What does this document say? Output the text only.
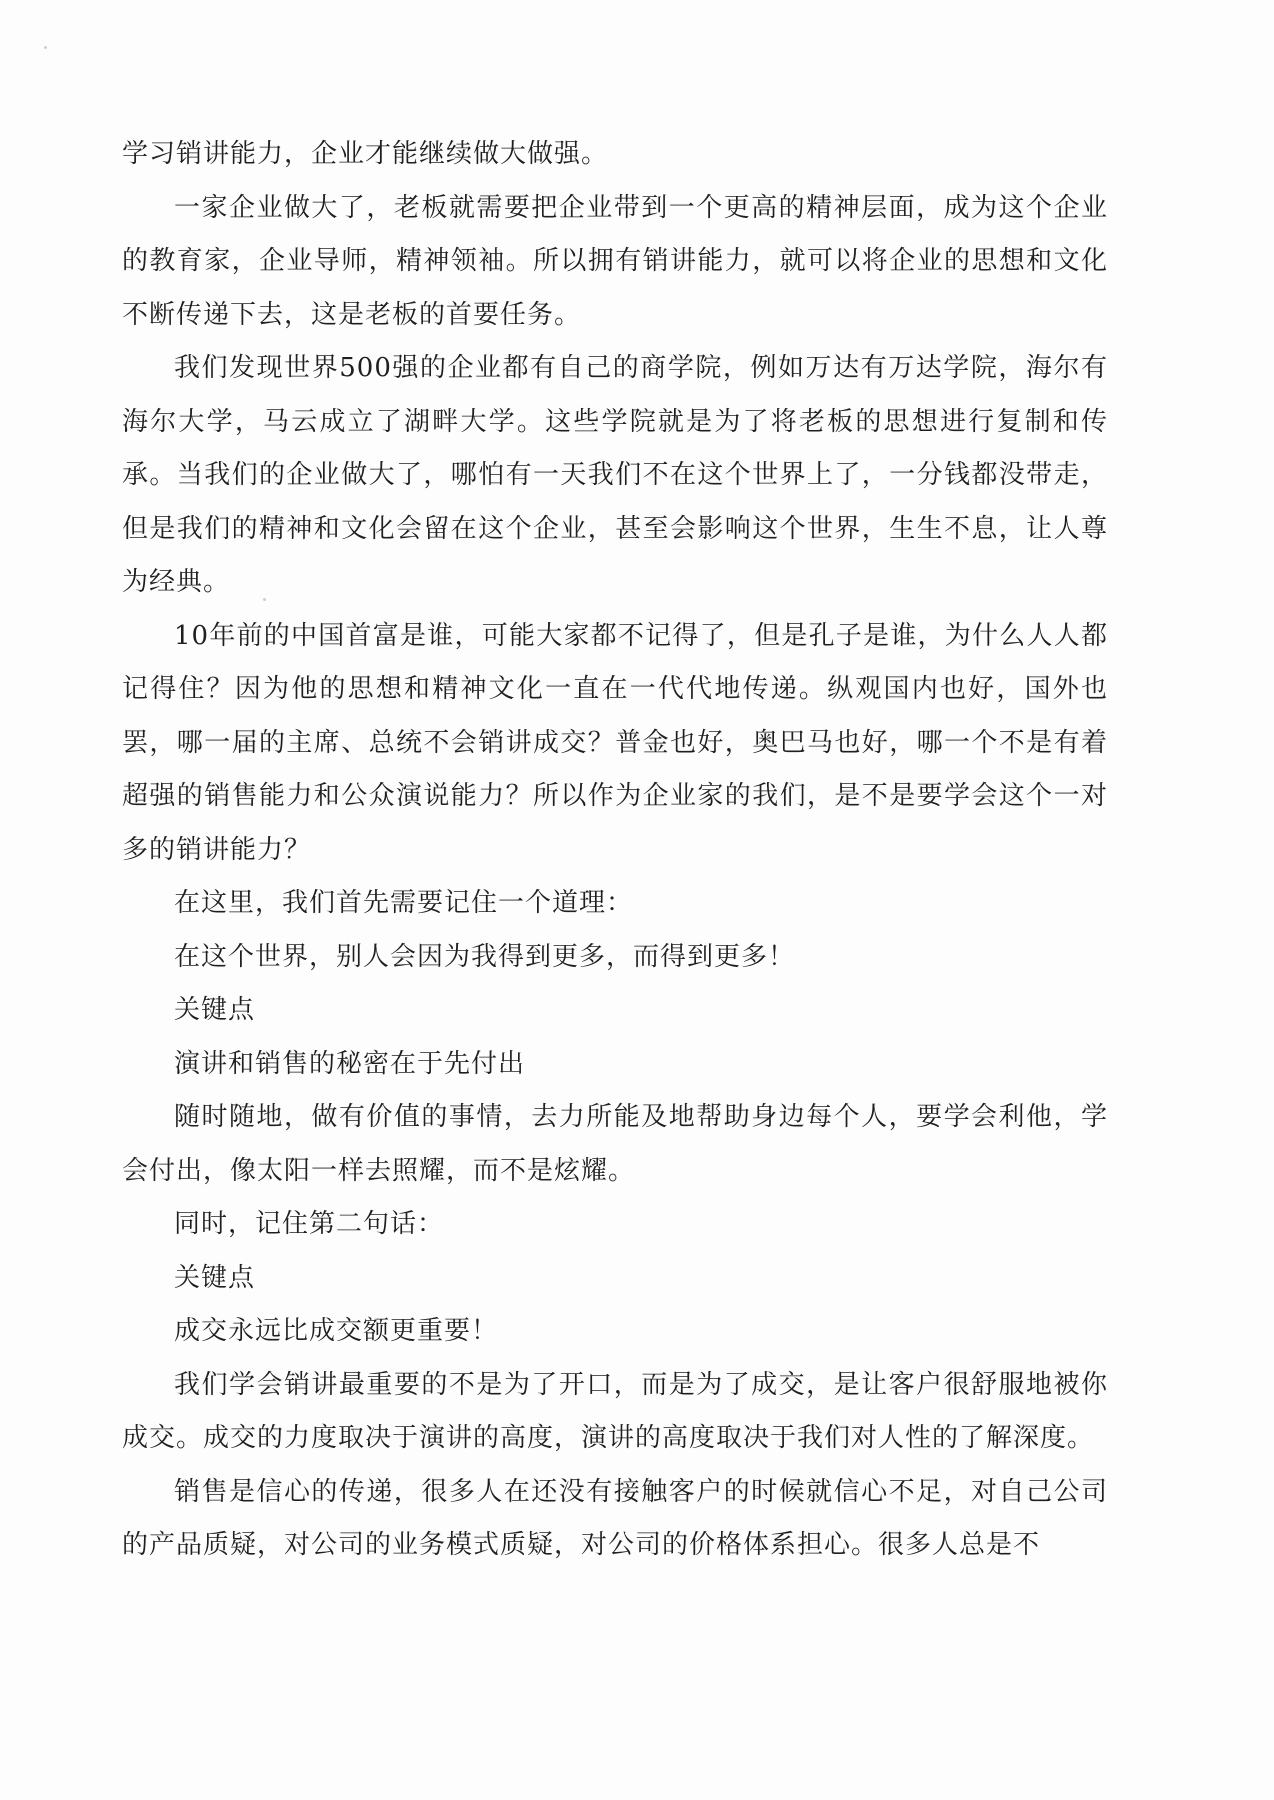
学习销讲能力，企业才能继续做大做强。

一家企业做大了，老板就需要把企业带到一个更高的精神层面，成为这个企业的教育家，企业导师，精神领袖。所以拥有销讲能力，就可以将企业的思想和文化不断传递下去，这是老板的首要任务。

我们发现世界500强的企业都有自己的商学院，例如万达有万达学院，海尔有海尔大学，马云成立了湖畔大学。这些学院就是为了将老板的思想进行复制和传承。当我们的企业做大了，哪怕有一天我们不在这个世界上了，一分钱都没带走，但是我们的精神和文化会留在这个企业，甚至会影响这个世界，生生不息，让人尊为经典。

10年前的中国首富是谁，可能大家都不记得了，但是孔子是谁，为什么人人都记得住？因为他的思想和精神文化一直在一代代地传递。纵观国内也好，国外也罢，哪一届的主席、总统不会销讲成交？普金也好，奥巴马也好，哪一个不是有着超强的销售能力和公众演说能力？所以作为企业家的我们，是不是要学会这个一对多的销讲能力？

在这里，我们首先需要记住一个道理：

在这个世界，别人会因为我得到更多，而得到更多！

关键点

演讲和销售的秘密在于先付出

随时随地，做有价值的事情，去力所能及地帮助身边每个人，要学会利他，学会付出，像太阳一样去照耀，而不是炫耀。

同时，记住第二句话：

关键点

成交永远比成交额更重要！

我们学会销讲最重要的不是为了开口，而是为了成交，是让客户很舒服地被你成交。成交的力度取决于演讲的高度，演讲的高度取决于我们对人性的了解深度。

销售是信心的传递，很多人在还没有接触客户的时候就信心不足，对自己公司的产品质疑，对公司的业务模式质疑，对公司的价格体系担心。很多人总是不
